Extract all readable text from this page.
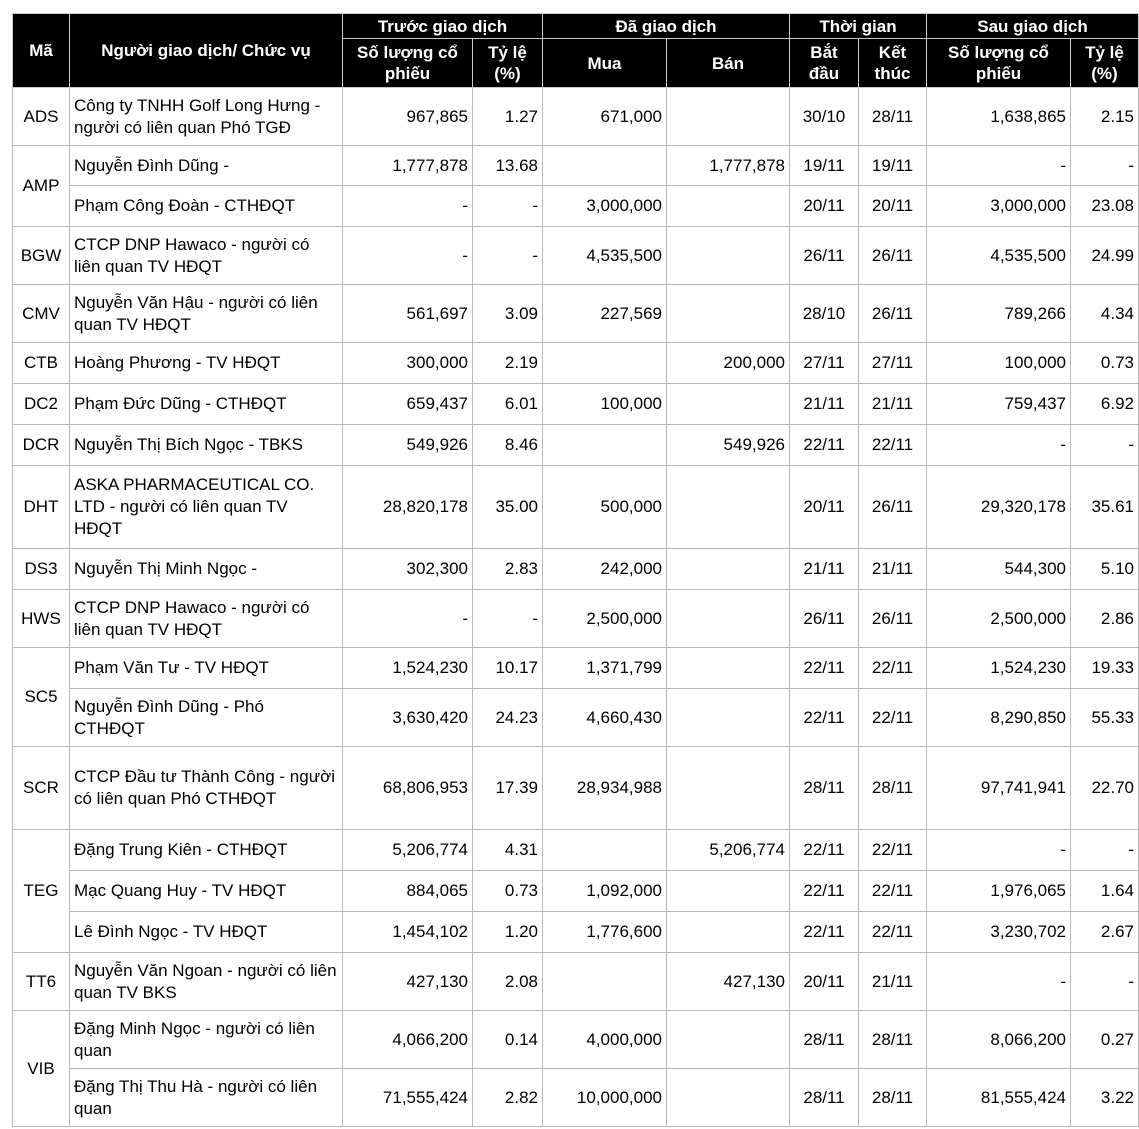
Mã	Người giao dịch/ Chức vụ	Trước giao dịch		Đã giao dịch		Thời gian		Sau giao dịch	
		Số lượng cổ phiếu	Tỷ lệ (%)	Mua	Bán	Bắt đầu	Kết thúc	Số lượng cổ phiếu	Tỷ lệ (%)
ADS	Công ty TNHH Golf Long Hưng - người có liên quan Phó TGĐ	967,865	1.27	671,000		30/10	28/11	1,638,865	2.15
AMP	Nguyễn Đình Dũng -	1,777,878	13.68		1,777,878	19/11	19/11	-	-
	Phạm Công Đoàn - CTHĐQT	-	-	3,000,000		20/11	20/11	3,000,000	23.08
BGW	CTCP DNP Hawaco - người có liên quan TV HĐQT	-	-	4,535,500		26/11	26/11	4,535,500	24.99
CMV	Nguyễn Văn Hậu - người có liên quan TV HĐQT	561,697	3.09	227,569		28/10	26/11	789,266	4.34
CTB	Hoàng Phương - TV HĐQT	300,000	2.19		200,000	27/11	27/11	100,000	0.73
DC2	Phạm Đức Dũng - CTHĐQT	659,437	6.01	100,000		21/11	21/11	759,437	6.92
DCR	Nguyễn Thị Bích Ngọc - TBKS	549,926	8.46		549,926	22/11	22/11	-	-
DHT	ASKA PHARMACEUTICAL CO. LTD - người có liên quan TV HĐQT	28,820,178	35.00	500,000		20/11	26/11	29,320,178	35.61
DS3	Nguyễn Thị Minh Ngọc -	302,300	2.83	242,000		21/11	21/11	544,300	5.10
HWS	CTCP DNP Hawaco - người có liên quan TV HĐQT	-	-	2,500,000		26/11	26/11	2,500,000	2.86
SC5	Phạm Văn Tư - TV HĐQT	1,524,230	10.17	1,371,799		22/11	22/11	1,524,230	19.33
	Nguyễn Đình Dũng - Phó CTHĐQT	3,630,420	24.23	4,660,430		22/11	22/11	8,290,850	55.33
SCR	CTCP Đầu tư Thành Công - người có liên quan Phó CTHĐQT	68,806,953	17.39	28,934,988		28/11	28/11	97,741,941	22.70
TEG	Đặng Trung Kiên - CTHĐQT	5,206,774	4.31		5,206,774	22/11	22/11	-	-
	Mạc Quang Huy - TV HĐQT	884,065	0.73	1,092,000		22/11	22/11	1,976,065	1.64
	Lê Đình Ngọc - TV HĐQT	1,454,102	1.20	1,776,600		22/11	22/11	3,230,702	2.67
TT6	Nguyễn Văn Ngoan - người có liên quan TV BKS	427,130	2.08		427,130	20/11	21/11	-	-
VIB	Đặng Minh Ngọc - người có liên quan	4,066,200	0.14	4,000,000		28/11	28/11	8,066,200	0.27
	Đặng Thị Thu Hà - người có liên quan	71,555,424	2.82	10,000,000		28/11	28/11	81,555,424	3.22
